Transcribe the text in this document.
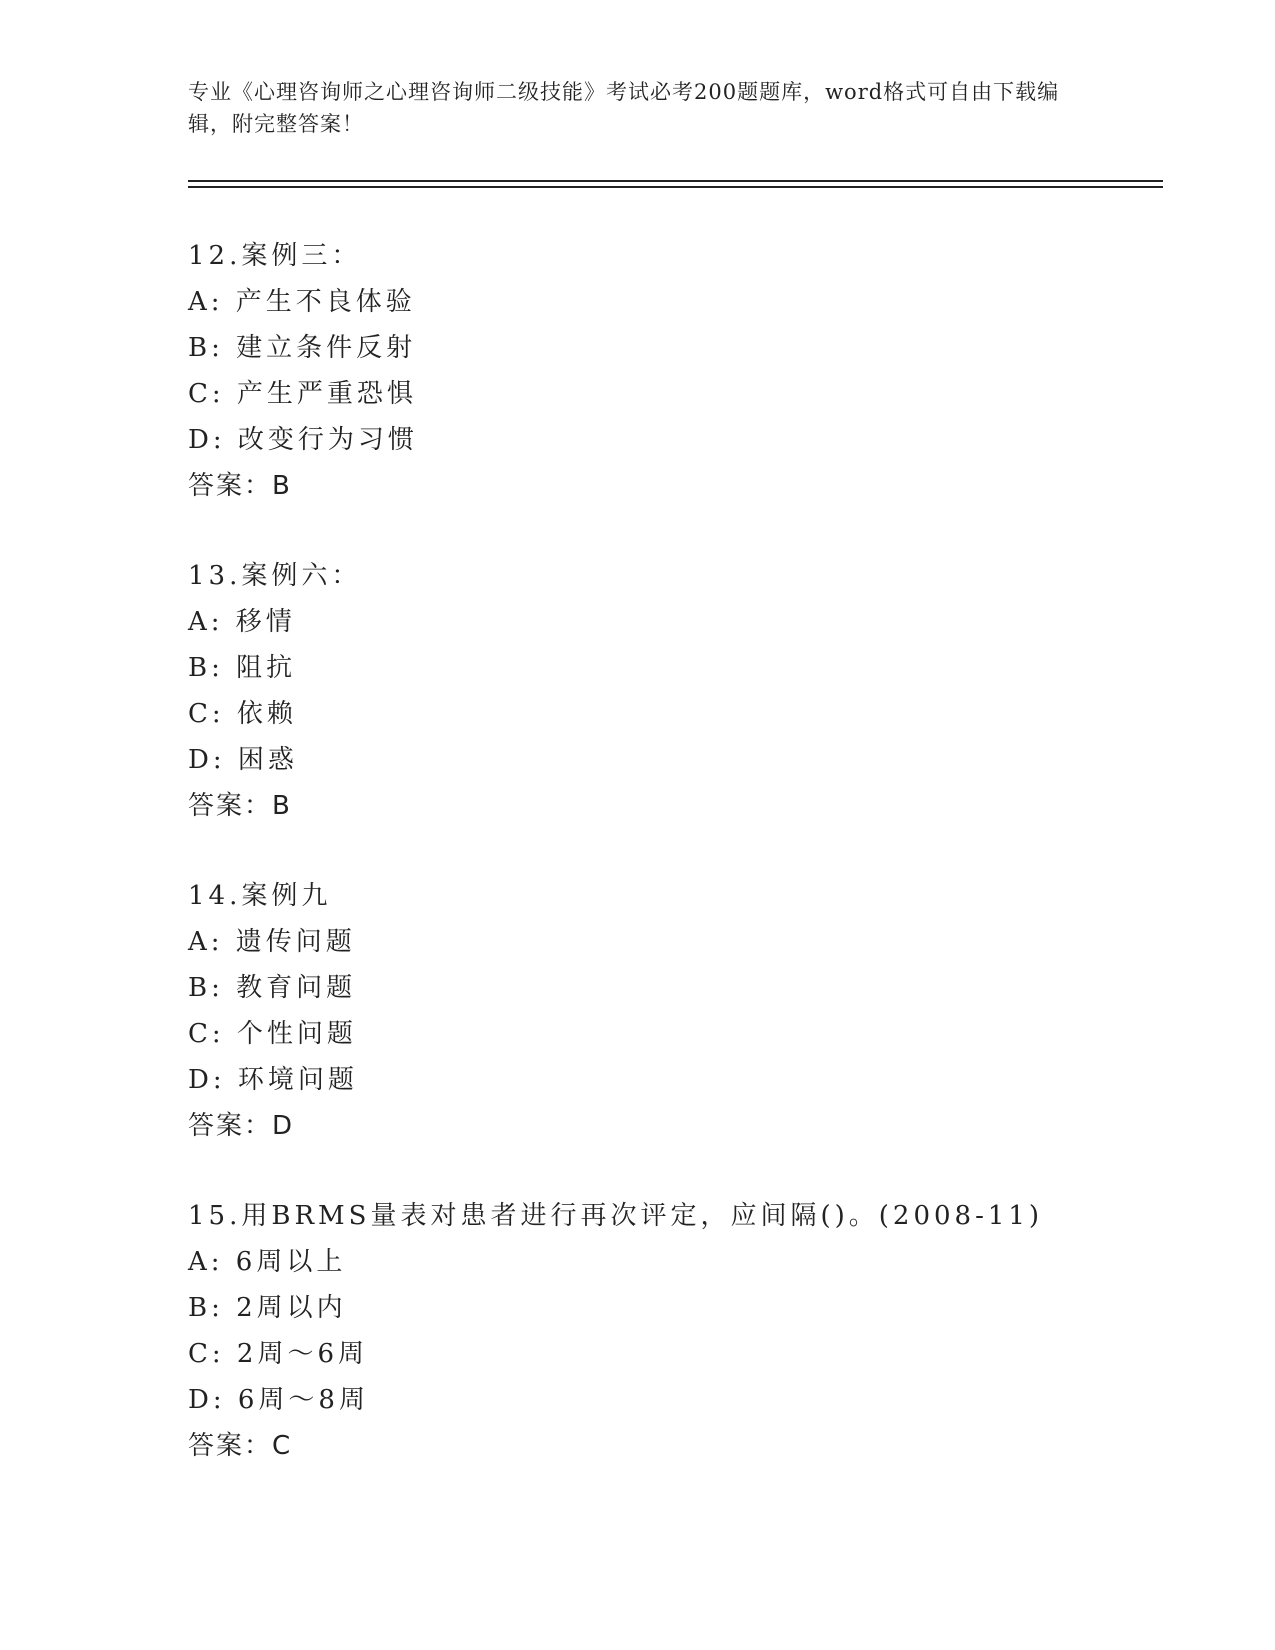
专业《心理咨询师之心理咨询师二级技能》考试必考200题题库，word格式可自由下载编辑，附完整答案！
12.案例三：
A: 产生不良体验
B: 建立条件反射
C: 产生严重恐惧
D: 改变行为习惯
答案：B
13.案例六：
A: 移情
B: 阻抗
C: 依赖
D: 困惑
答案：B
14.案例九
A: 遗传问题
B: 教育问题
C: 个性问题
D: 环境问题
答案：D
15.用BRMS量表对患者进行再次评定，应间隔()。(2008-11)
A: 6周以上
B: 2周以内
C: 2周～6周
D: 6周～8周
答案：C
